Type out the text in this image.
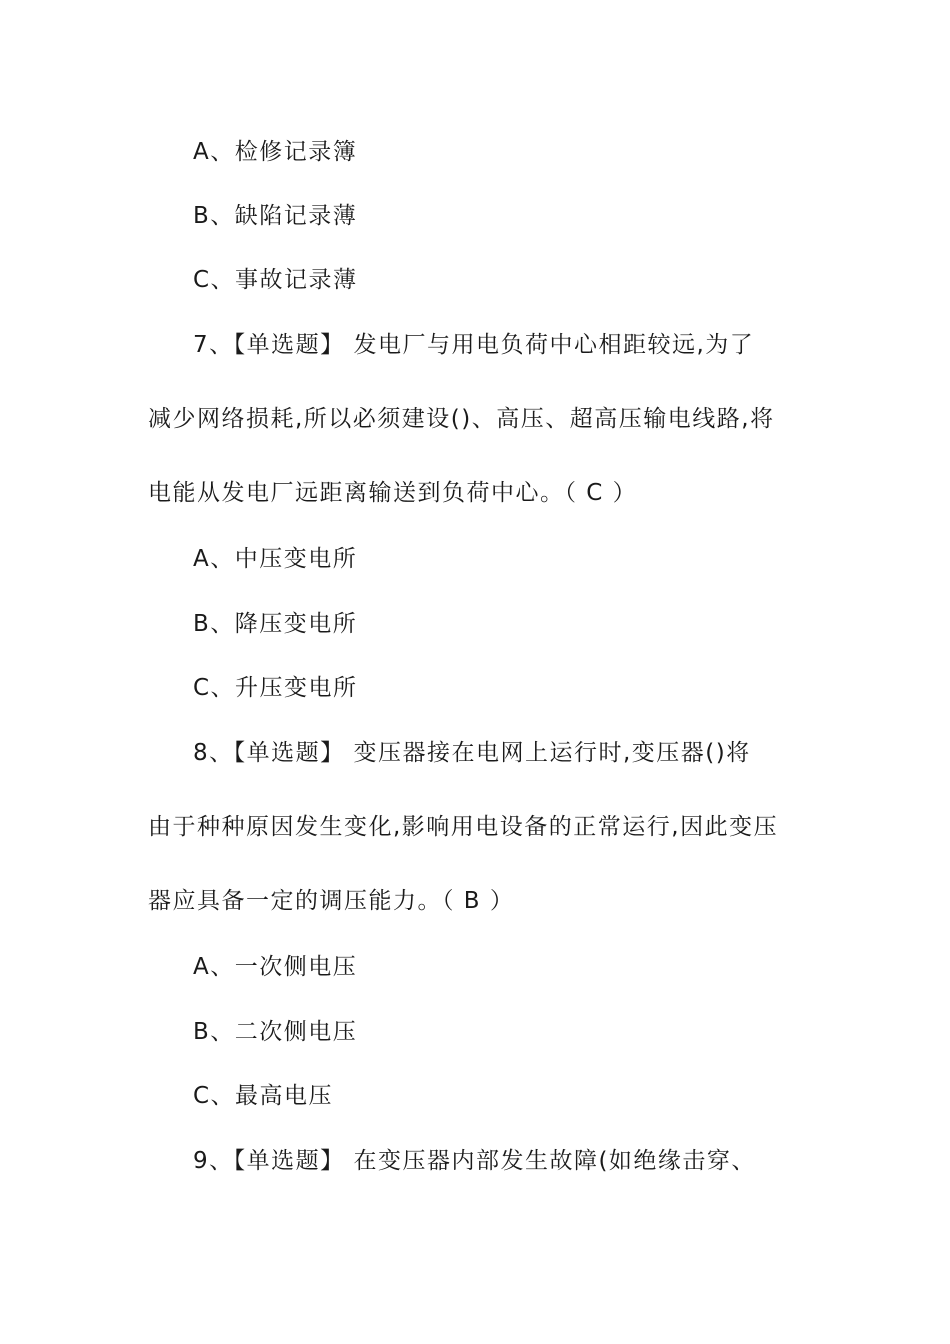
A、检修记录簿
B、缺陷记录薄
C、事故记录薄
7、【单选题】 发电厂与用电负荷中心相距较远,为了
减少网络损耗,所以必须建设()、高压、超高压输电线路,将
电能从发电厂远距离输送到负荷中心。（ C ）
A、中压变电所
B、降压变电所
C、升压变电所
8、【单选题】 变压器接在电网上运行时,变压器()将
由于种种原因发生变化,影响用电设备的正常运行,因此变压
器应具备一定的调压能力。（ B ）
A、一次侧电压
B、二次侧电压
C、最高电压
9、【单选题】 在变压器内部发生故障(如绝缘击穿、
